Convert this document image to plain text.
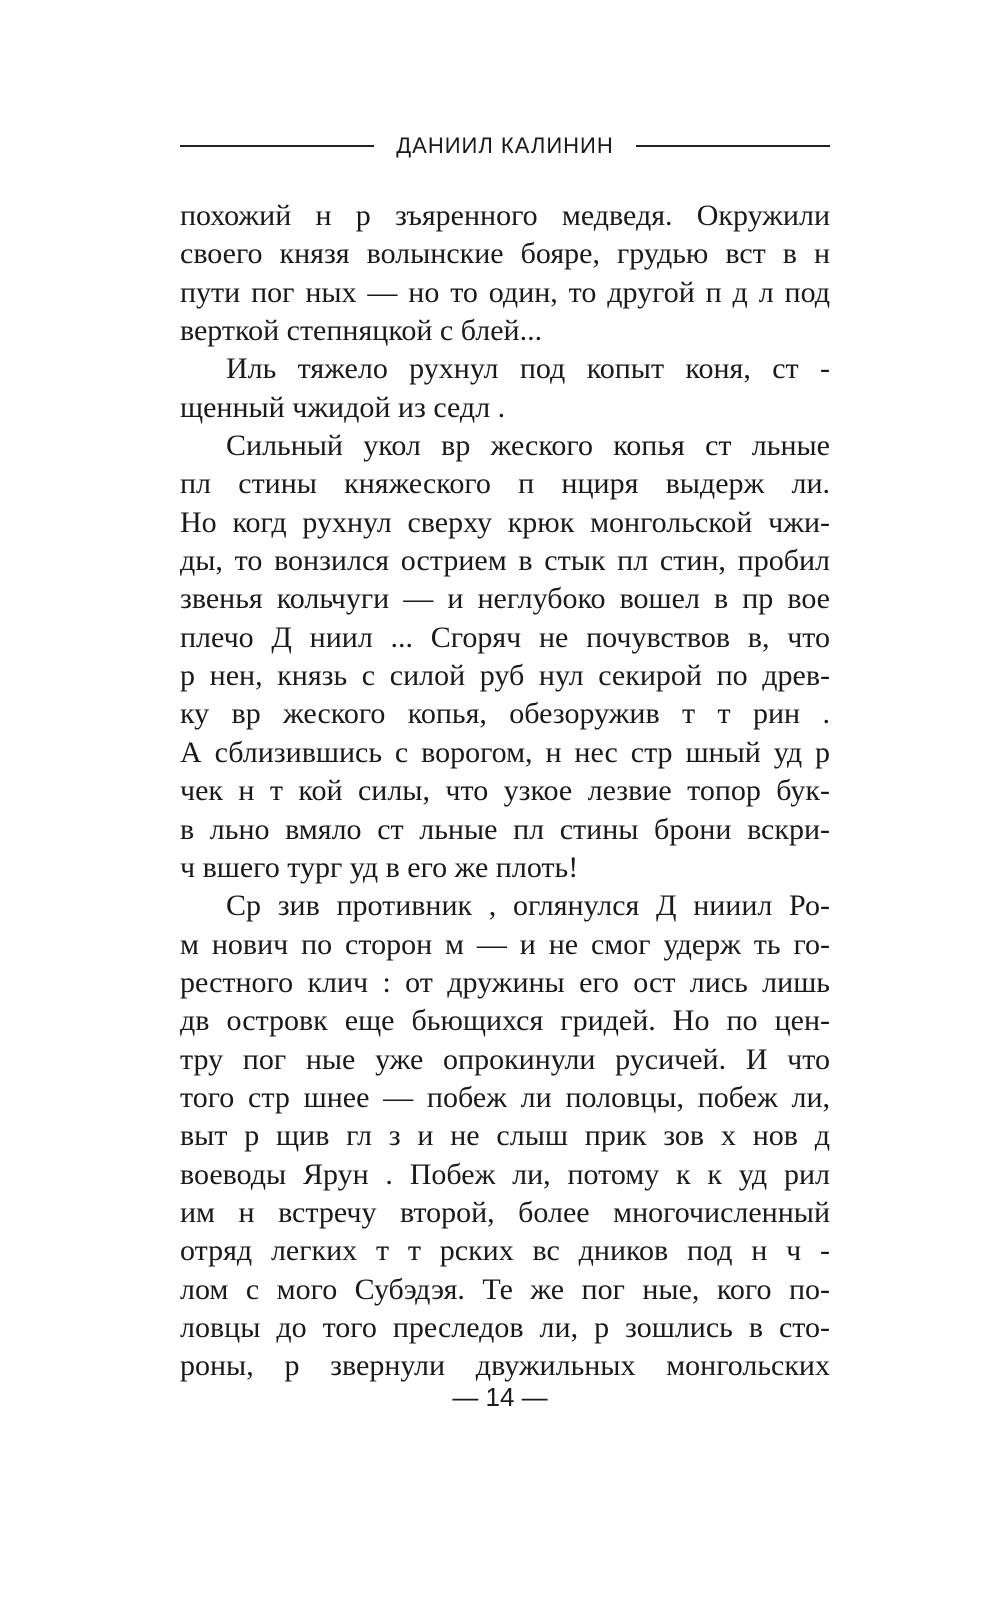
ДАНИИЛ КАЛИНИН
похожий н р зъяренного медведя. Окружили
своего князя волынские бояре, грудью вст в н
пути пог ных — но то один, то другой п д л под
верткой степняцкой с блей...
Иль тяжело рухнул под копыт коня, ст -
щенный чжидой из седл .
Сильный укол вр жеского копья ст льные
пл стины княжеского п нциря выдерж ли.
Но когд рухнул сверху крюк монгольской чжи-
ды, то вонзился острием в стык пл стин, пробил
звенья кольчуги — и неглубоко вошел в пр вое
плечо Д ниил ... Сгоряч не почувствов в, что
р нен, князь с силой руб нул секирой по древ-
ку вр жеского копья, обезоружив т т рин .
А сблизившись с ворогом, н нес стр шный уд р
чек н т кой силы, что узкое лезвие топор бук-
в льно вмяло ст льные пл стины брони вскри-
ч вшего тург уд в его же плоть!
Ср зив противник , оглянулся Д нииил Ро-
м нович по сторон м — и не смог удерж ть го-
рестного клич : от дружины его ост лись лишь
дв островк еще бьющихся гридей. Но по цен-
тру пог ные уже опрокинули русичей. И что
того стр шнее — побеж ли половцы, побеж ли,
выт р щив гл з и не слыш прик зов х нов д
воеводы Ярун . Побеж ли, потому к к уд рил
им н встречу второй, более многочисленный
отряд легких т т рских вс дников под н ч -
лом с мого Субэдэя. Те же пог ные, кого по-
ловцы до того преследов ли, р зошлись в сто-
роны, р звернули двужильных монгольских
— 14 —
